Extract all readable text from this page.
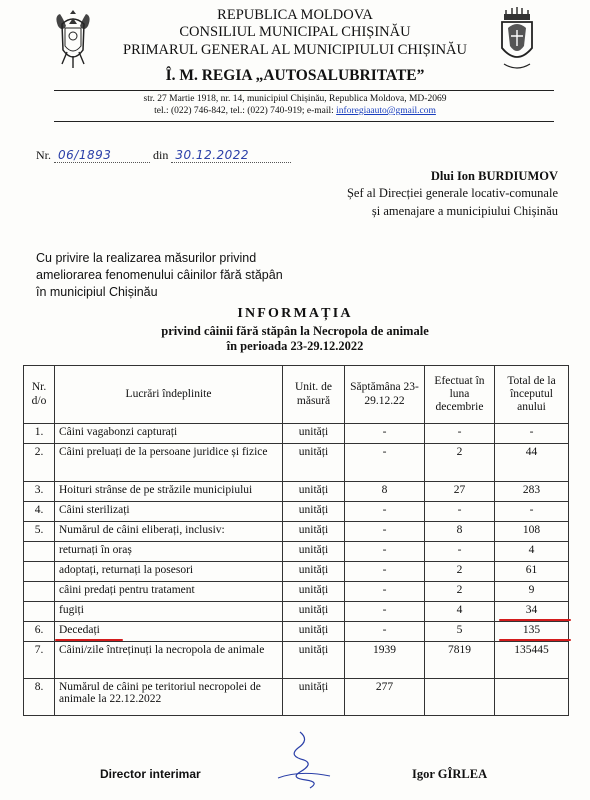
REPUBLICA MOLDOVA
CONSILIUL MUNICIPAL CHIȘINĂU
PRIMARUL GENERAL AL MUNICIPIULUI CHIȘINĂU
Î. M. REGIA „AUTOSALUBRITATE”
str. 27 Martie 1918, nr. 14, municipiul Chișinău, Republica Moldova, MD-2069
tel.: (022) 746-842, tel.: (022) 740-919; e-mail: inforegiaauto@gmail.com
Nr. 06/1893	din 30.12.2022
Dlui Ion BURDIUMOV
Șef al Direcției generale locativ-comunale
și amenajare a municipiului Chișinău
Cu privire la realizarea măsurilor privind
ameliorarea fenomenului câinilor fără stăpân
în municipiul Chișinău
INFORMAȚIA
privind câinii fără stăpân la Necropola de animale
în perioada 23-29.12.2022
Nr. d/o	Lucrări îndeplinite	Unit. de măsură	Săptămâna 23-29.12.22	Efectuat în luna decembrie	Total de la începutul anului
1.	Câini vagabonzi capturați	unități	-	-	-
2.	Câini preluați de la persoane juridice și fizice	unități	-	2	44
3.	Hoituri strânse de pe străzile municipiului	unități	8	27	283
4.	Câini sterilizați	unități	-	-	-
5.	Numărul de câini eliberați, inclusiv:	unități	-	8	108
	returnați în oraș	unități	-	-	4
	adoptați, returnați la posesori	unități	-	2	61
	câini predați pentru tratament	unități	-	2	9
	fugiți	unități	-	4	34
6.	Decedați	unități	-	5	135
7.	Câini/zile întreținuți la necropola de animale	unități	1939	7819	135445
8.	Numărul de câini pe teritoriul necropolei de animale la 22.12.2022	unități	277		
Director interimar	Igor GÎRLEA
